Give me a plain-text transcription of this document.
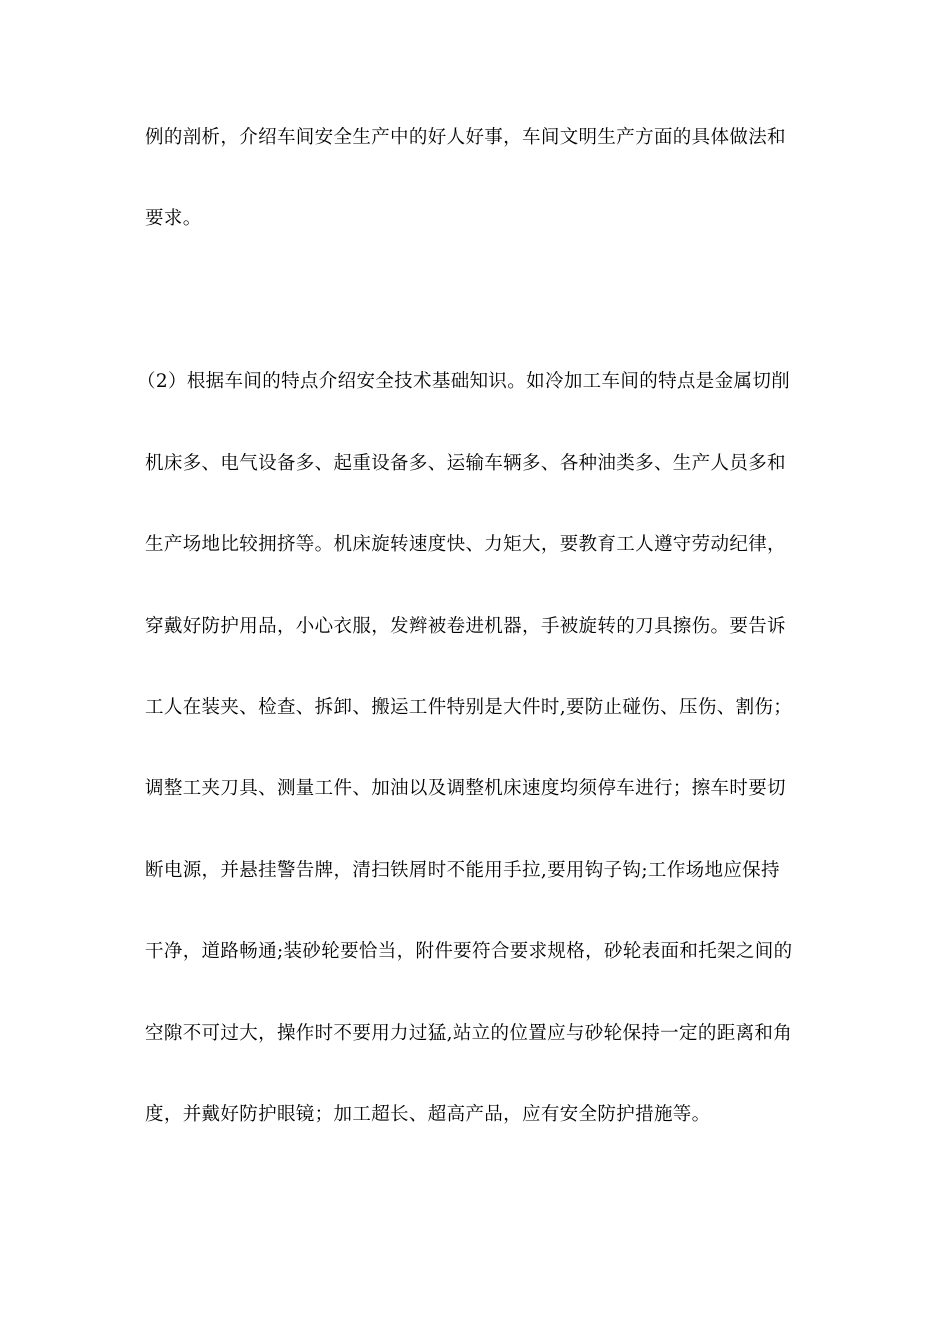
例的剖析，介绍车间安全生产中的好人好事，车间文明生产方面的具体做法和
要求。
（2）根据车间的特点介绍安全技术基础知识。如冷加工车间的特点是金属切削
机床多、电气设备多、起重设备多、运输车辆多、各种油类多、生产人员多和
生产场地比较拥挤等。机床旋转速度快、力矩大，要教育工人遵守劳动纪律，
穿戴好防护用品，小心衣服，发辫被卷进机器，手被旋转的刀具擦伤。要告诉
工人在装夹、检查、拆卸、搬运工件特别是大件时,要防止碰伤、压伤、割伤；
调整工夹刀具、测量工件、加油以及调整机床速度均须停车进行；擦车时要切
断电源，并悬挂警告牌，清扫铁屑时不能用手拉,要用钩子钩;工作场地应保持
干净，道路畅通;装砂轮要恰当，附件要符合要求规格，砂轮表面和托架之间的
空隙不可过大，操作时不要用力过猛,站立的位置应与砂轮保持一定的距离和角
度，并戴好防护眼镜；加工超长、超高产品，应有安全防护措施等。
